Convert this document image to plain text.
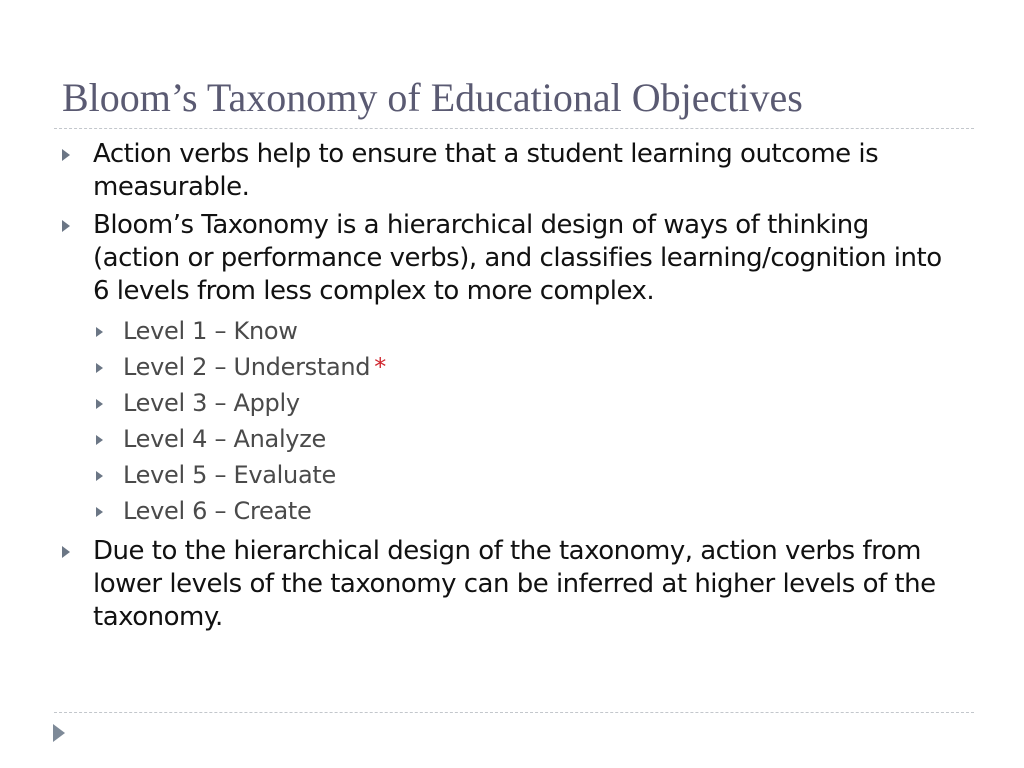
Bloom’s Taxonomy of Educational Objectives
Action verbs help to ensure that a student learning outcome is measurable.
Bloom’s Taxonomy is a hierarchical design of ways of thinking (action or performance verbs), and classifies learning/cognition into 6 levels from less complex to more complex.
Level 1 – Know
Level 2 – Understand *
Level 3 – Apply
Level 4 – Analyze
Level 5 – Evaluate
Level 6 – Create
Due to the hierarchical design of the taxonomy, action verbs from lower levels of the taxonomy can be inferred at higher levels of the taxonomy.
